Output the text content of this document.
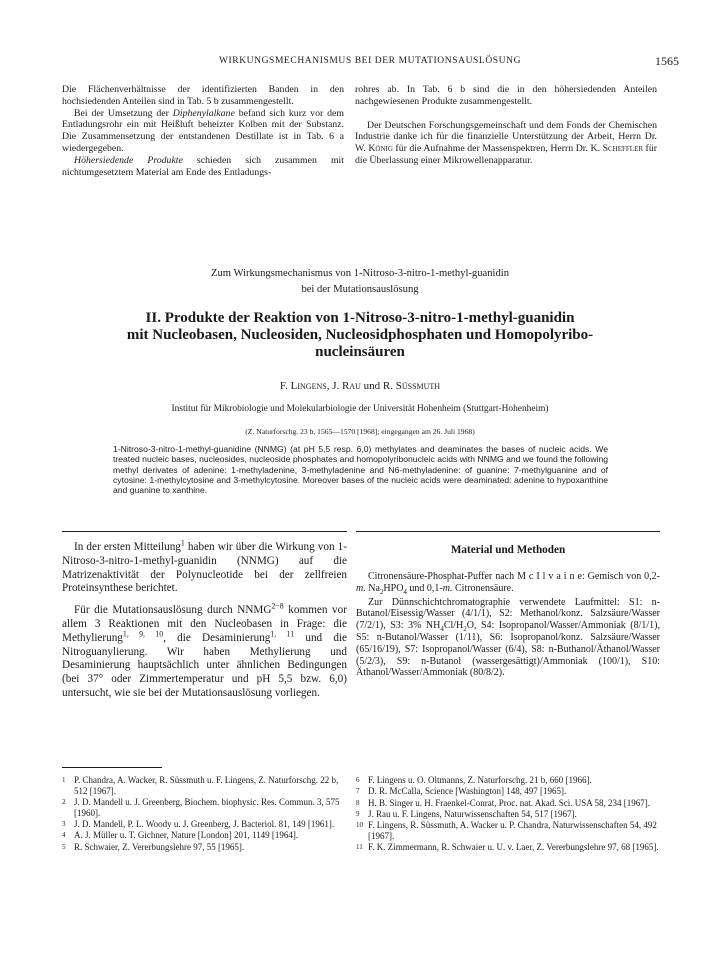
WIRKUNGSMECHANISMUS BEI DER MUTATIONSAUSLÖSUNG	1565

Die Flächenverhältnisse der identifizierten Banden in den hochsiedenden Anteilen sind in Tab. 5 b zusammengestellt.

Bei der Umsetzung der Diphenylalkane befand sich kurz vor dem Entladungsrohr ein mit Heißluft beheizter Kolben mit der Substanz. Die Zusammensetzung der entstandenen Destillate ist in Tab. 6 a wiedergegeben.

Höhersiedende Produkte schieden sich zusammen mit nichtumgesetztem Material am Ende des Entladungs-

rohres ab. In Tab. 6 b sind die in den höhersiedenden Anteilen nachgewiesenen Produkte zusammengestellt.

Der Deutschen Forschungsgemeinschaft und dem Fonds der Chemischen Industrie danke ich für die finanzielle Unterstützung der Arbeit, Herrn Dr. W. König für die Aufnahme der Massenspektren, Herrn Dr. K. Scheffler für die Überlassung einer Mikrowellenapparatur.

Zum Wirkungsmechanismus von 1-Nitroso-3-nitro-1-methyl-guanidin
bei der Mutationsauslösung
II. Produkte der Reaktion von 1-Nitroso-3-nitro-1-methyl-guanidin
mit Nucleobasen, Nucleosiden, Nucleosidphosphaten und Homopolyribo-
nucleinsäuren
F. Lingens, J. Rau und R. Süssmuth
Institut für Mikrobiologie und Molekularbiologie der Universität Hohenheim (Stuttgart-Hohenheim)
(Z. Naturforschg. 23 b, 1565—1570 [1968]; eingegangen am 26. Juli 1968)
1-Nitroso-3-nitro-1-methyl-guanidine (NNMG) (at pH 5,5 resp. 6,0) methylates and deaminates the bases of nucleic acids. We treated nucleic bases, nucleosides, nucleoside phosphates and homopolyribonucleic acids with NNMG and we found the following methyl derivates of adenine: 1-methyladenine, 3-methyladenine and N6-methyladenine: of guanine: 7-methylguanine and of cytosine: 1-methylcytosine and 3-methylcytosine. Moreover bases of the nucleic acids were deaminated: adenine to hypoxanthine and guanine to xanthine.

In der ersten Mitteilung$^1$ haben wir über die Wirkung von 1-Nitroso-3-nitro-1-methyl-guanidin (NNMG) auf die Matrizenaktivität der Polynucleotide bei der zellfreien Proteinsynthese berichtet.

Für die Mutationsauslösung durch $NNMG^{2-8}$ kommen vor allem 3 Reaktionen mit den Nucleobasen in Frage: die Methylierung$^{1, 9, 10}$, die Desaminierung$^{1, 11}$ und die Nitroguanylierung. Wir haben Methylierung und Desaminierung hauptsächlich unter ähnlichen Bedingungen (bei 37° oder Zimmertemperatur und pH 5,5 bzw. 6,0) untersucht, wie sie bei der Mutationsauslösung vorliegen.

Material und Methoden

Citronensäure-Phosphat-Puffer nach M c I l v a i n e: Gemisch von 0,2-m. $Na_2HPO_4$ und 0,1-m. Citronensäure.

Zur Dünnschichtchromatographie verwendete Laufmittel: S1: n-Butanol/Eisessig/Wasser (4/1/1), S2: Methanol/konz. Salzsäure/Wasser (7/2/1), S3: 3% $NH_4Cl/H_2O$, S4: Isopropanol/Wasser/Ammoniak (8/1/1), S5: n-Butanol/Wasser (1/11), S6: Isopropanol/konz. Salzsäure/Wasser (65/16/19), S7: Isopropanol/Wasser (6/4), S8: n-Buthanol/Äthanol/Wasser (5/2/3), S9: n-Butanol (wassergesättigt)/Ammoniak (100/1), S10: Äthanol/Wasser/Ammoniak (80/8/2).

1 P. Chandra, A. Wacker, R. Süssmuth u. F. Lingens, Z. Naturforschg. 22 b, 512 [1967].
2 J. D. Mandell u. J. Greenberg, Biochem. biophysic. Res. Commun. 3, 575 [1960].
3 J. D. Mandell, P. L. Woody u. J. Greenberg, J. Bacteriol. 81, 149 [1961].
4 A. J. Müller u. T. Gichner, Nature [London] 201, 1149 [1964].
5 R. Schwaier, Z. Vererbungslehre 97, 55 [1965].
6 F. Lingens u. O. Oltmanns, Z. Naturforschg. 21 b, 660 [1966].
7 D. R. McCalla, Science [Washington] 148, 497 [1965].
8 H. B. Singer u. H. Fraenkel-Conrat, Proc. nat. Akad. Sci. USA 58, 234 [1967].
9 J. Rau u. F. Lingens, Naturwissenschaften 54, 517 [1967].
10 F. Lingens, R. Süssmuth, A. Wacker u. P. Chandra, Naturwissenschaften 54, 492 [1967].
11 F. K. Zimmermann, R. Schwaier u. U. v. Laer, Z. Vererbungslehre 97, 68 [1965].
